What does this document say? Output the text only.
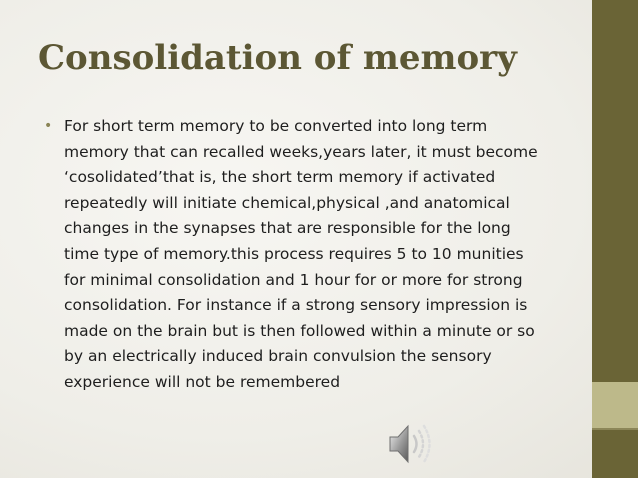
Consolidation of memory
• For short term memory to be converted into long term memory that can recalled weeks,years later, it must become ‘cosolidated’that is, the short term memory if activated repeatedly will initiate chemical,physical ,and anatomical changes in the synapses that are responsible for the long time type of memory.this process requires 5 to 10 munities for minimal consolidation and 1 hour for or more for strong consolidation. For instance if a strong sensory impression is made on the brain but is then followed within a minute or so by an electrically induced brain convulsion the sensory experience will not be remembered
